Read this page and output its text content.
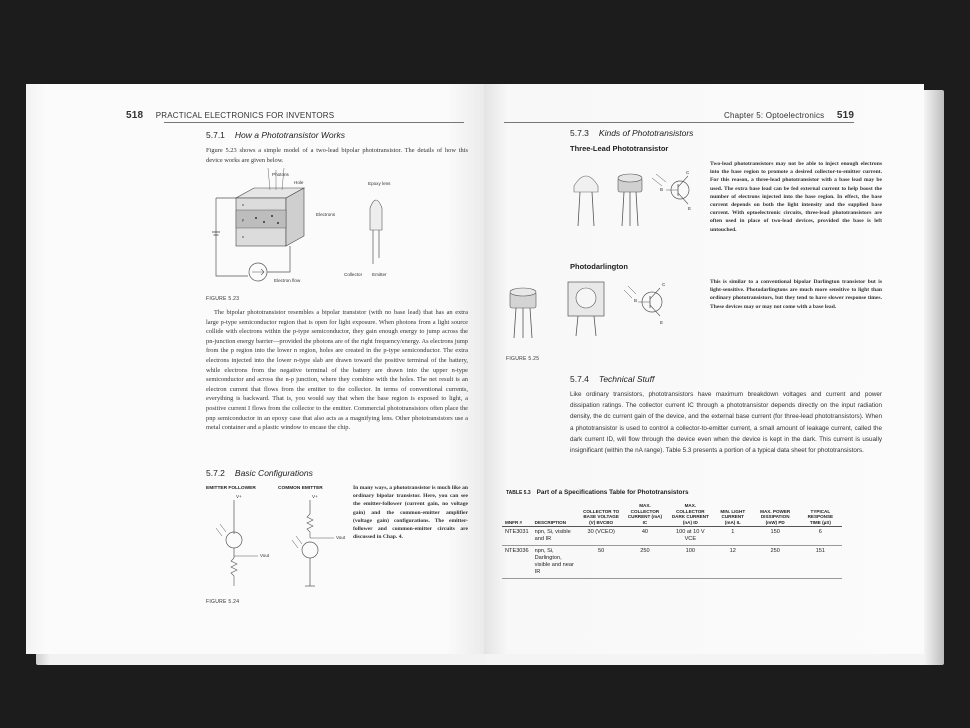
518 PRACTICAL ELECTRONICS FOR INVENTORS
5.7.1 How a Phototransistor Works
Figure 5.23 shows a simple model of a two-lead bipolar phototransistor. The details of how this device works are given below.
n
p
n
Photons
Hole	Epoxy lens
Electrons
Electron flow
Collector Emitter
FIGURE 5.23
The bipolar phototransistor resembles a bipolar transistor (with no base lead) that has an extra large p-type semiconductor region that is open for light exposure. When photons from a light source collide with electrons within the p-type semiconductor, they gain enough energy to jump across the pn-junction energy barrier—provided the photons are of the right frequency/energy. As electrons jump from the p region into the lower n region, holes are created in the p-type semiconductor. The extra electrons injected into the lower n-type slab are drawn toward the positive terminal of the battery, while electrons from the negative terminal of the battery are drawn into the upper n-type semiconductor and across the n-p junction, where they combine with the holes. The net result is an electron current that flows from the emitter to the collector. In terms of conventional currents, everything is backward. That is, you would say that when the base region is exposed to light, a positive current I flows from the collector to the emitter. Commercial phototransistors often place the pnp semiconductor in an epoxy case that also acts as a magnifying lens. Other phototransistors use a metal container and a plastic window to encase the chip.
5.7.2 Basic Configurations
EMITTER FOLLOWER	COMMON EMITTER
V+
Vout
V+
Vout
In many ways, a phototransistor is much like an ordinary bipolar transistor. Here, you can see the emitter-follower (current gain, no voltage gain) and the common-emitter amplifier (voltage gain) configurations. The emitter-follower and common-emitter circuits are discussed in Chap. 4.
FIGURE 5.24
Chapter 5: Optoelectronics 519
5.7.3 Kinds of Phototransistors
Three-Lead Phototransistor
C
B
E
Two-lead phototransistors may not be able to inject enough electrons into the base region to promote a desired collector-to-emitter current. For this reason, a three-lead phototransistor with a base lead may be used. The extra base lead can be fed external current to help boost the number of electrons injected into the base region. In effect, the base current depends on both the light intensity and the supplied base current. With optoelectronic circuits, three-lead phototransistors are often used in place of two-lead devices, provided the base is left untouched.
Photodarlington
C
B
E
This is similar to a conventional bipolar Darlington transistor but is light-sensitive. Photodarlingtons are much more sensitive to light than ordinary phototransistors, but they tend to have slower response times. These devices may or may not come with a base lead.
FIGURE 5.25
5.7.4 Technical Stuff
Like ordinary transistors, phototransistors have maximum breakdown voltages and current and power dissipation ratings. The collector current IC through a phototransistor depends directly on the input radiation density, the dc current gain of the device, and the external base current (for three-lead phototransistors). When a phototransistor is used to control a collector-to-emitter current, a small amount of leakage current, called the dark current ID, will flow through the device even when the device is kept in the dark. This current is usually insignificant (within the nA range). Table 5.3 presents a portion of a typical data sheet for phototransistors.
TABLE 5.3 Part of a Specifications Table for Phototransistors
MNFR #	DESCRIPTION	COLLECTOR TO BASE VOLTAGE (V) BVCBO	MAX. COLLECTOR CURRENT (mA) IC	MAX. COLLECTOR DARK CURRENT (nA) ID	MIN. LIGHT CURRENT (mA) IL	MAX. POWER DISSIPATION (mW) PD	TYPICAL RESPONSE TIME (µS)
NTE3031	npn, Si, visible and IR	30 (VCEO)	40	100 at 10 V VCE	1	150	6
NTE3036	npn, Si, Darlington, visible and near IR	50	250	100	12	250	151
